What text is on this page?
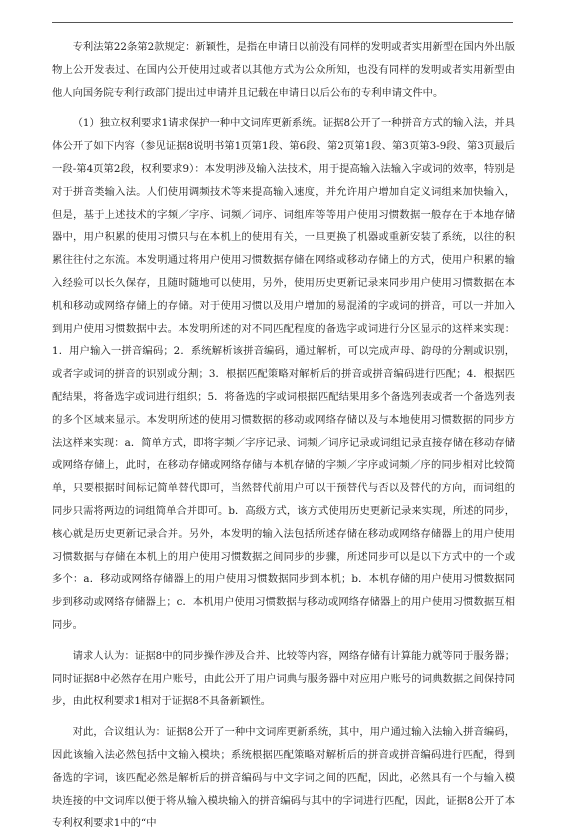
专利法第22条第2款规定：新颖性，是指在申请日以前没有同样的发明或者实用新型在国内外出版物上公开发表过、在国内公开使用过或者以其他方式为公众所知，也没有同样的发明或者实用新型由他人向国务院专利行政部门提出过申请并且记载在申请日以后公布的专利申请文件中。

（1）独立权利要求1请求保护一种中文词库更新系统。证据8公开了一种拼音方式的输入法，并具体公开了如下内容（参见证据8说明书第1页第1段、第6段、第2页第1段、第3页第3-9段、第3页最后一段-第4页第2段，权利要求9）：本发明涉及输入法技术，用于提高输入法输入字或词的效率，特别是对于拼音类输入法。人们使用调频技术等来提高输入速度，并允许用户增加自定义词组来加快输入，但是，基于上述技术的字频／字序、词频／词序、词组库等等用户使用习惯数据一般存在于本地存储器中，用户积累的使用习惯只与在本机上的使用有关，一旦更换了机器或重新安装了系统，以往的积累往往付之东流。本发明通过将用户使用习惯数据存储在网络或移动存储上的方式，使用户积累的输入经验可以长久保存，且随时随地可以使用，另外，使用历史更新记录来同步用户使用习惯数据在本机和移动或网络存储上的存储。对于使用习惯以及用户增加的易混淆的字或词的拼音，可以一并加入到用户使用习惯数据中去。本发明所述的对不同匹配程度的备选字或词进行分区显示的这样来实现：1．用户输入一拼音编码；2．系统解析该拼音编码，通过解析，可以完成声母、韵母的分割或识别，或者字或词的拼音的识别或分割；3．根据匹配策略对解析后的拼音或拼音编码进行匹配；4．根据匹配结果，将备选字或词进行组织；5．将备选的字或词根据匹配结果用多个备选列表或者一个备选列表的多个区域来显示。本发明所述的使用习惯数据的移动或网络存储以及与本地使用习惯数据的同步方法这样来实现：a．简单方式，即将字频／字序记录、词频／词序记录或词组记录直接存储在移动存储或网络存储上，此时，在移动存储或网络存储与本机存储的字频／字序或词频／序的同步相对比较简单，只要根据时间标记简单替代即可，当然替代前用户可以干预替代与否以及替代的方向，而词组的同步只需将两边的词组简单合并即可。b．高级方式，该方式使用历史更新记录来实现，所述的同步，核心就是历史更新记录合并。另外，本发明的输入法包括所述存储在移动或网络存储器上的用户使用习惯数据与存储在本机上的用户使用习惯数据之间同步的步骤，所述同步可以是以下方式中的一个或多个：a．移动或网络存储器上的用户使用习惯数据同步到本机；b．本机存储的用户使用习惯数据同步到移动或网络存储器上；c．本机用户使用习惯数据与移动或网络存储器上的用户使用习惯数据互相同步。

请求人认为：证据8中的同步操作涉及合并、比较等内容，网络存储有计算能力就等同于服务器；同时证据8中必然存在用户账号，由此公开了用户词典与服务器中对应用户账号的词典数据之间保持同步，由此权利要求1相对于证据8不具备新颖性。

对此，合议组认为：证据8公开了一种中文词库更新系统，其中，用户通过输入法输入拼音编码，因此该输入法必然包括中文输入模块；系统根据匹配策略对解析后的拼音或拼音编码进行匹配，得到备选的字词，该匹配必然是解析后的拼音编码与中文字词之间的匹配，因此，必然具有一个与输入模块连接的中文词库以便于将从输入模块输入的拼音编码与其中的字词进行匹配，因此，证据8公开了本专利权利要求1中的“中
